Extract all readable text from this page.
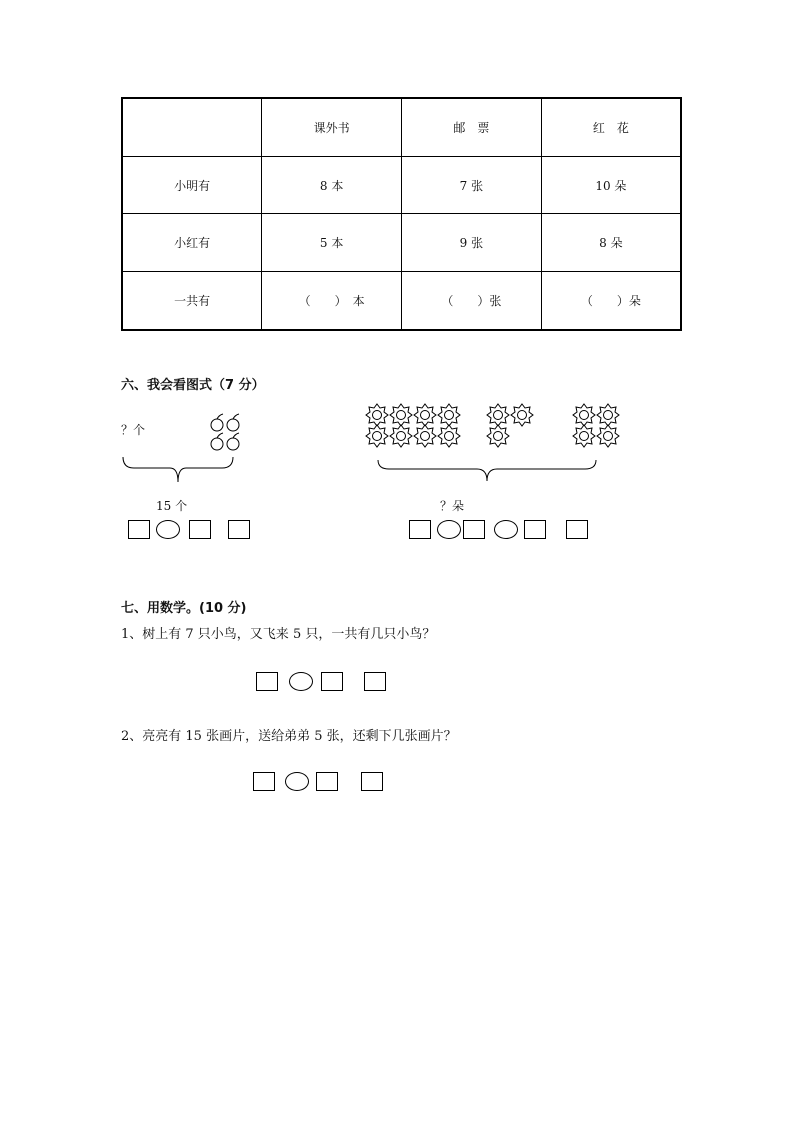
	课外书	邮　票	红　花
小明有	8 本	7 张	10 朵
小红有	5 本	9 张	8 朵
一共有	（　　）　本	（　　）张	（　　）朵
六、我会看图式（7 分）
？个
15 个	？朵
七、用数学。(10 分)
1、树上有 7 只小鸟，又飞来 5 只，一共有几只小鸟？
2、亮亮有 15 张画片，送给弟弟 5 张，还剩下几张画片？
